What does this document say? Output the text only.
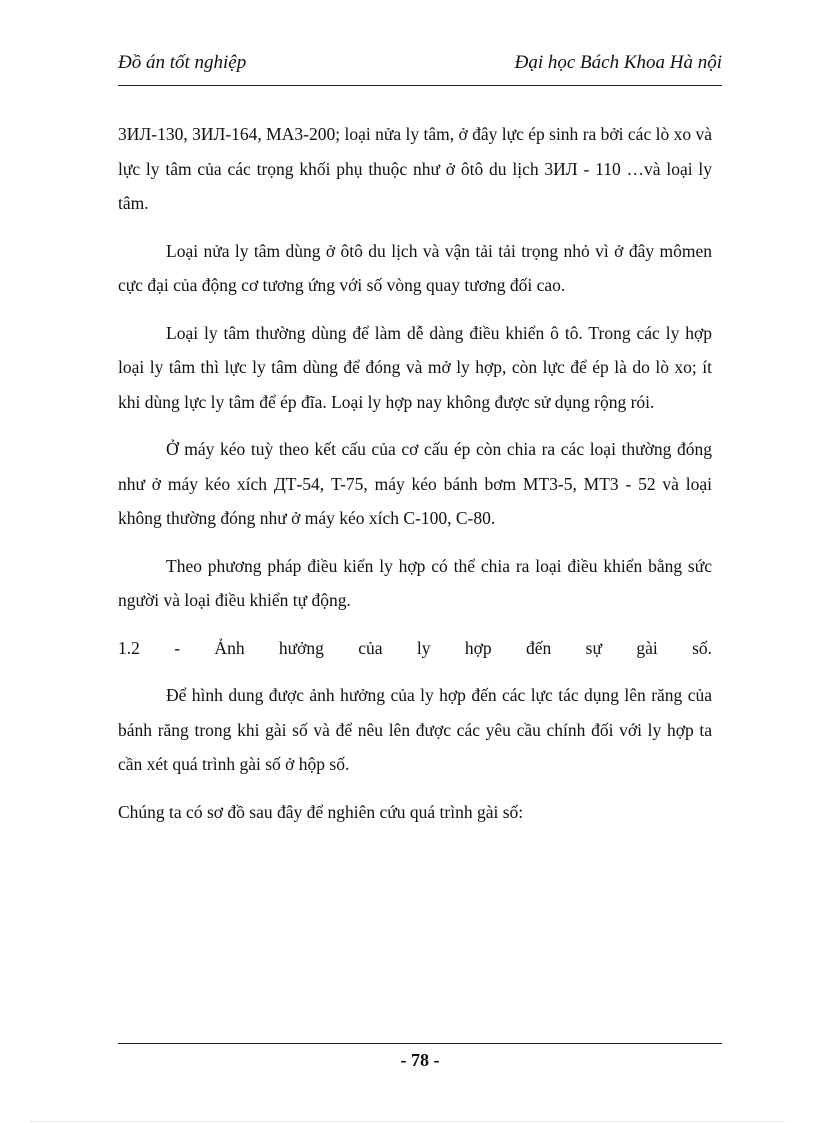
Đồ án tốt nghiệp	Đại học Bách Khoa Hà nội

3ИЛ-130, 3ИЛ-164, MA3-200; loại nửa ly tâm, ở đây lực ép sinh ra bởi các lò xo và lực ly tâm của các trọng khối phụ thuộc như ở ôtô du lịch 3ИЛ - 110 …và loại ly tâm.

Loại nửa ly tâm dùng ở ôtô du lịch và vận tải tải trọng nhỏ vì ở đây mômen cực đại của động cơ tương ứng với số vòng quay tương đối cao.

Loại ly tâm thường dùng để làm dễ dàng điều khiển ô tô. Trong các ly hợp loại ly tâm thì lực ly tâm dùng để đóng và mở ly hợp, còn lực để ép là do lò xo; ít khi dùng lực ly tâm để ép đĩa. Loại ly hợp nay không được sử dụng rộng rói.

Ở máy kéo tuỳ theo kết cấu của cơ cấu ép còn chia ra các loại thường đóng như ở máy kéo xích ДТ-54, T-75, máy kéo bánh bơm MT3-5, MT3 - 52 và loại không thường đóng như ở máy kéo xích C-100, C-80.

Theo phương pháp điều kiển ly hợp có thể chia ra loại điều khiển bằng sức người và loại điều khiển tự động.

1.2 - Ảnh hưởng của ly hợp đến sự gài số.

Để hình dung được ảnh hưởng của ly hợp đến các lực tác dụng lên răng của bánh răng trong khi gài số và để nêu lên được các yêu cầu chính đối với ly hợp ta cần xét quá trình gài số ở hộp số.

Chúng ta có sơ đồ sau đây để nghiên cứu quá trình gài số:

- 78 -
